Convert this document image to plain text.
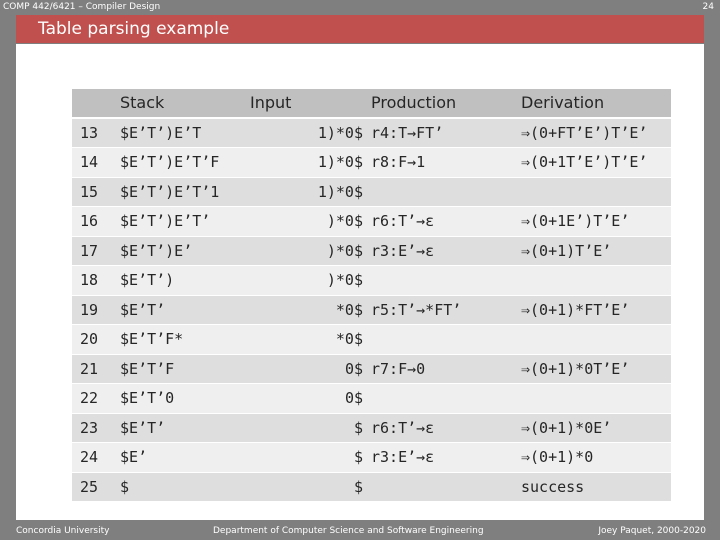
COMP 442/6421 – Compiler Design	24
Table parsing example
	Stack	Input	Production	Derivation
13	$E’T’)E’T	1)*0$	r4:T→FT’	⇒(0+FT’E’)T’E’
14	$E’T’)E’T’F	1)*0$	r8:F→1	⇒(0+1T’E’)T’E’
15	$E’T’)E’T’1	1)*0$		
16	$E’T’)E’T’	)*0$	r6:T’→ε	⇒(0+1E’)T’E’
17	$E’T’)E’	)*0$	r3:E’→ε	⇒(0+1)T’E’
18	$E’T’)	)*0$		
19	$E’T’	*0$	r5:T’→*FT’	⇒(0+1)*FT’E’
20	$E’T’F*	*0$		
21	$E’T’F	0$	r7:F→0	⇒(0+1)*0T’E’
22	$E’T’0	0$		
23	$E’T’	$	r6:T’→ε	⇒(0+1)*0E’
24	$E’	$	r3:E’→ε	⇒(0+1)*0
25	$	$		success
Concordia University	Department of Computer Science and Software Engineering	Joey Paquet, 2000-2020
